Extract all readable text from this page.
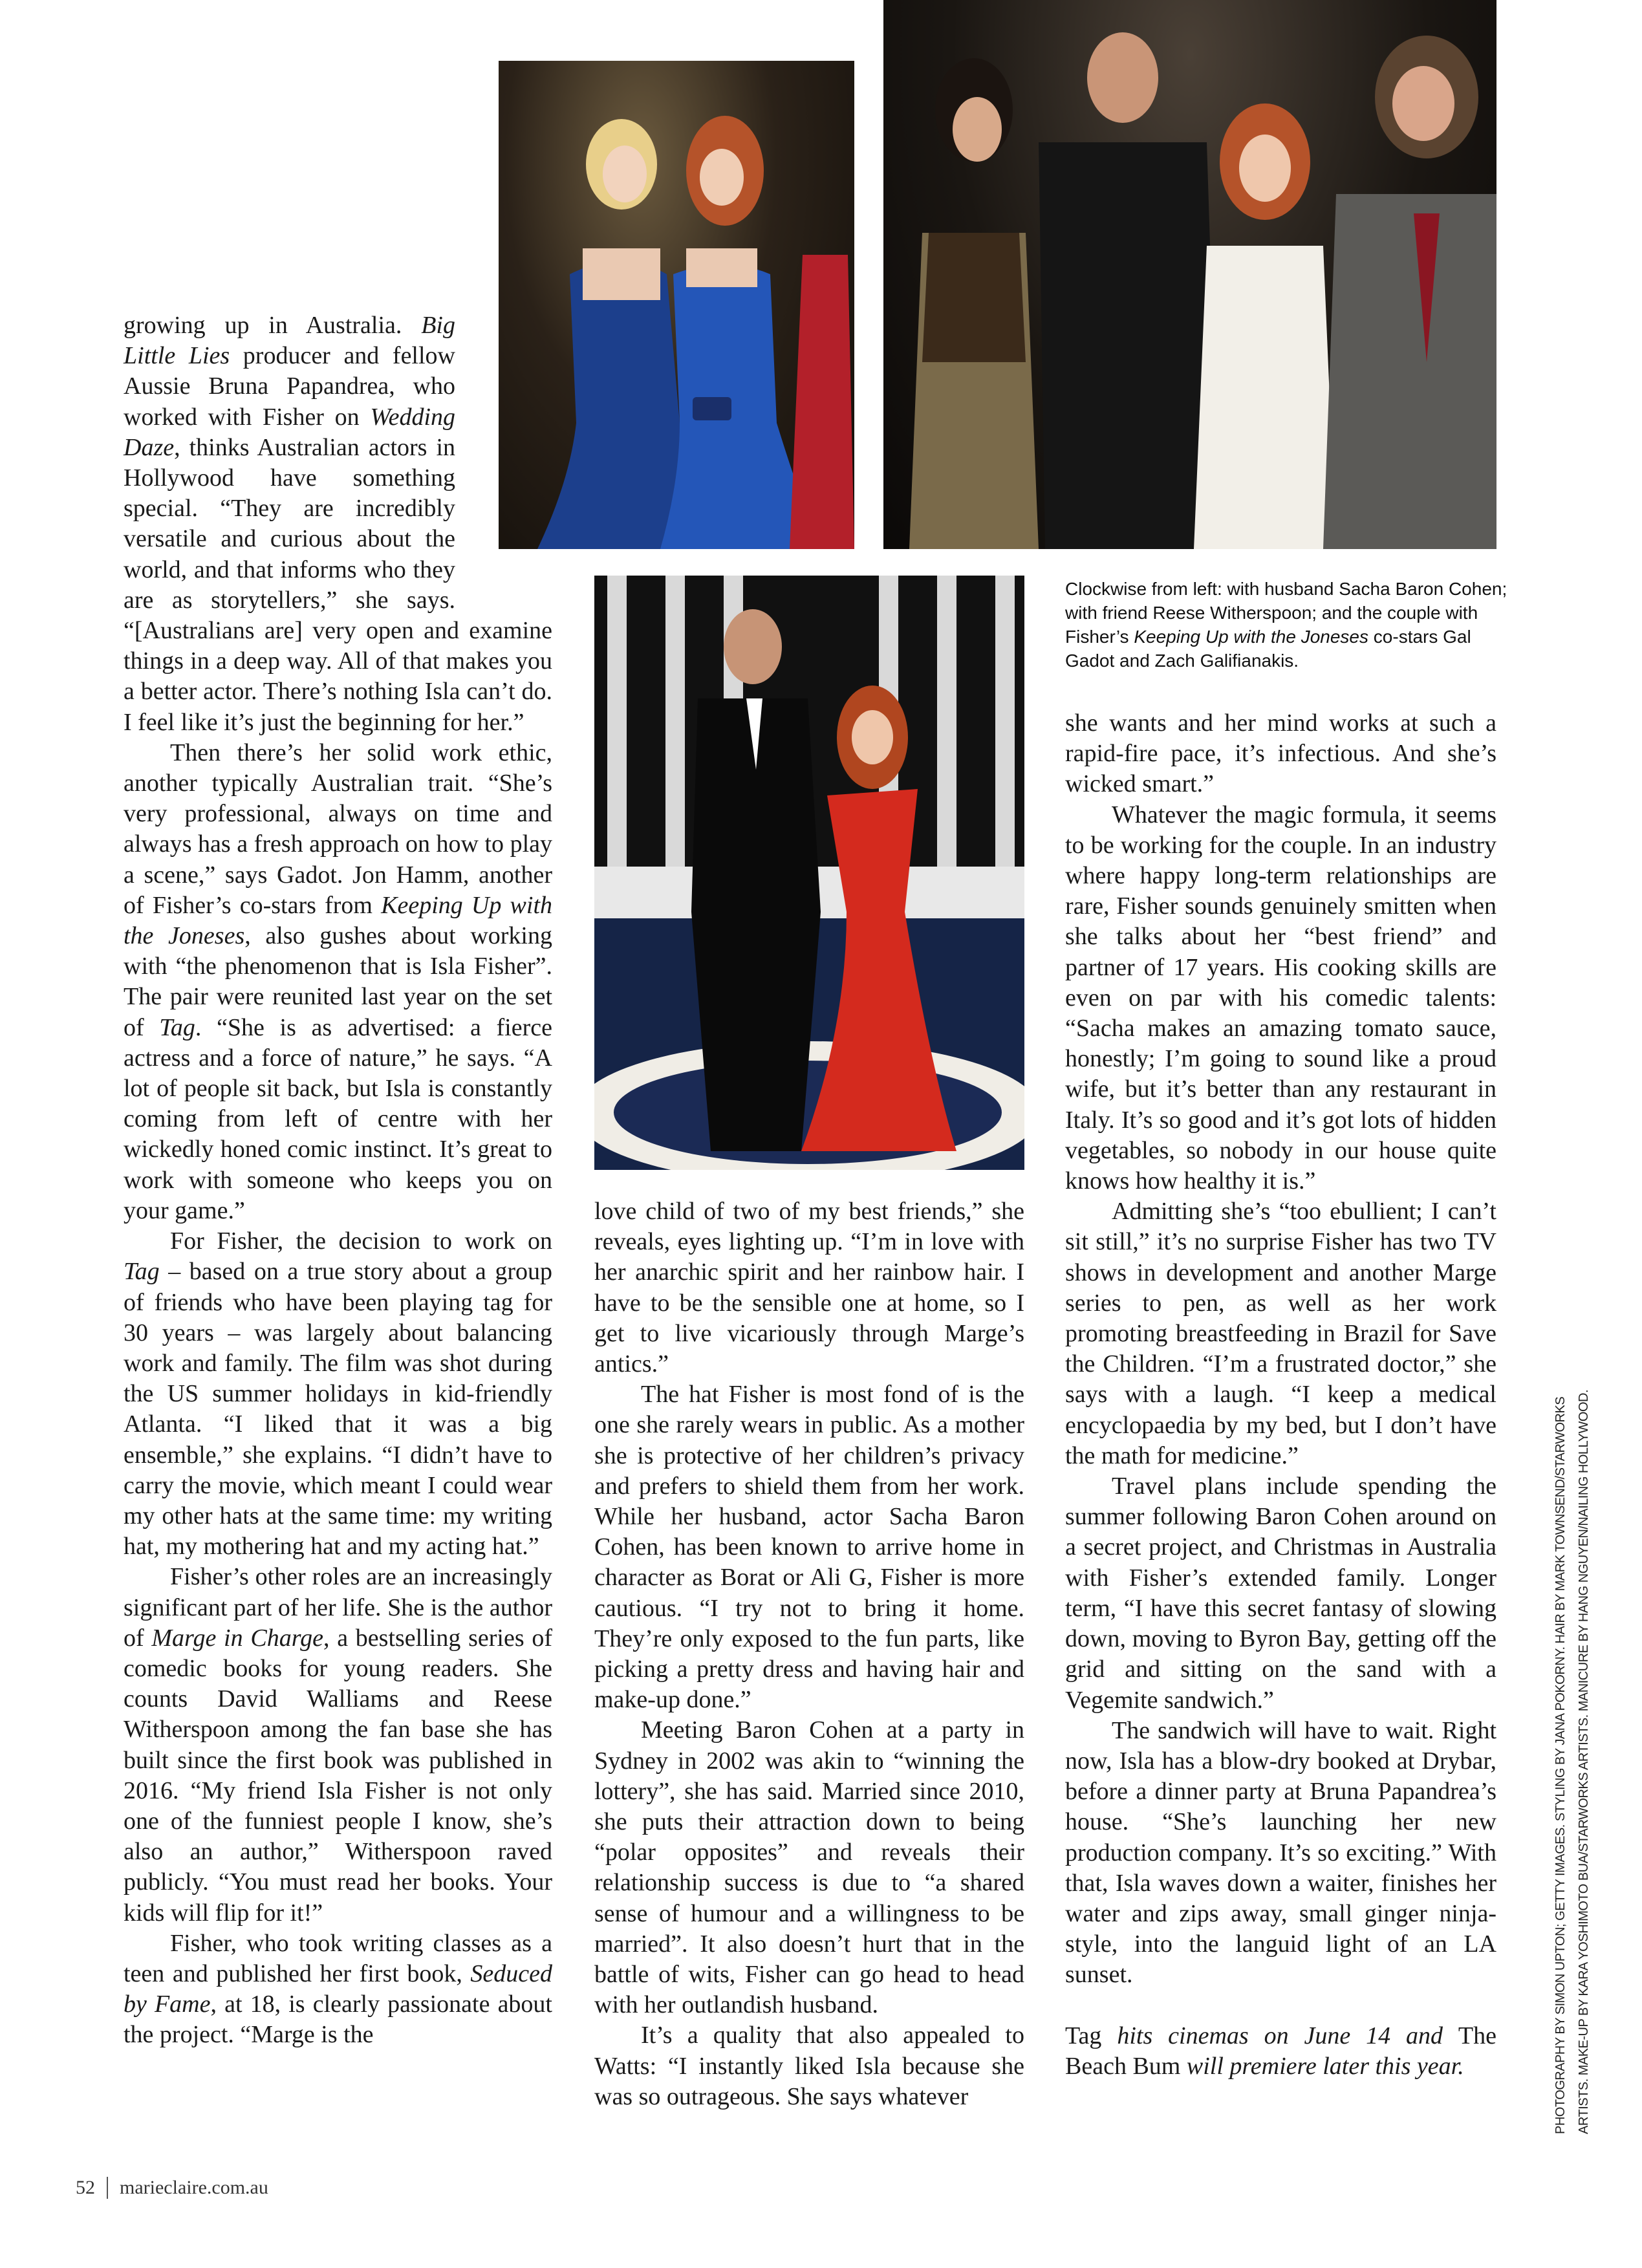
Clockwise from left: with husband Sacha Baron Cohen; with friend Reese Witherspoon; and the couple with Fisher’s Keeping Up with the Joneses co-stars Gal Gadot and Zach Galifianakis.

growing up in Australia. Big Little Lies producer and fellow Aussie Bruna Papandrea, who worked with Fisher on Wedding Daze, thinks Australian actors in Hollywood have something special. “They are incredibly versatile and curious about the world, and that informs who they are as storytellers,” she says. “[Australians are] very open and examine things in a deep way. All of that makes you a better actor. There’s nothing Isla can’t do. I feel like it’s just the beginning for her.”

Then there’s her solid work ethic, another typically Australian trait. “She’s very professional, always on time and always has a fresh approach on how to play a scene,” says Gadot. Jon Hamm, another of Fisher’s co-stars from Keeping Up with the Joneses, also gushes about working with “the phenomenon that is Isla Fisher”. The pair were reunited last year on the set of Tag. “She is as advertised: a fierce actress and a force of nature,” he says. “A lot of people sit back, but Isla is constantly coming from left of centre with her wickedly honed comic instinct. It’s great to work with someone who keeps you on your game.”

For Fisher, the decision to work on Tag – based on a true story about a group of friends who have been playing tag for 30 years – was largely about balancing work and family. The film was shot during the US summer holidays in kid-friendly Atlanta. “I liked that it was a big ensemble,” she explains. “I didn’t have to carry the movie, which meant I could wear my other hats at the same time: my writing hat, my mothering hat and my acting hat.”

Fisher’s other roles are an increasingly significant part of her life. She is the author of Marge in Charge, a bestselling series of comedic books for young readers. She counts David Walliams and Reese Witherspoon among the fan base she has built since the first book was published in 2016. “My friend Isla Fisher is not only one of the funniest people I know, she’s also an author,” Witherspoon raved publicly. “You must read her books. Your kids will flip for it!”

Fisher, who took writing classes as a teen and published her first book, Seduced by Fame, at 18, is clearly passionate about the project. “Marge is the

love child of two of my best friends,” she reveals, eyes lighting up. “I’m in love with her anarchic spirit and her rainbow hair. I have to be the sensible one at home, so I get to live vicariously through Marge’s antics.”

The hat Fisher is most fond of is the one she rarely wears in public. As a mother she is protective of her children’s privacy and prefers to shield them from her work. While her husband, actor Sacha Baron Cohen, has been known to arrive home in character as Borat or Ali G, Fisher is more cautious. “I try not to bring it home. They’re only exposed to the fun parts, like picking a pretty dress and having hair and make-up done.”

Meeting Baron Cohen at a party in Sydney in 2002 was akin to “winning the lottery”, she has said. Married since 2010, she puts their attraction down to being “polar opposites” and reveals their relationship success is due to “a shared sense of humour and a willingness to be married”. It also doesn’t hurt that in the battle of wits, Fisher can go head to head with her outlandish husband.

It’s a quality that also appealed to Watts: “I instantly liked Isla because she was so outrageous. She says whatever

she wants and her mind works at such a rapid-fire pace, it’s infectious. And she’s wicked smart.”

Whatever the magic formula, it seems to be working for the couple. In an industry where happy long-term relationships are rare, Fisher sounds genuinely smitten when she talks about her “best friend” and partner of 17 years. His cooking skills are even on par with his comedic talents: “Sacha makes an amazing tomato sauce, honestly; I’m going to sound like a proud wife, but it’s better than any restaurant in Italy. It’s so good and it’s got lots of hidden vegetables, so nobody in our house quite knows how healthy it is.”

Admitting she’s “too ebullient; I can’t sit still,” it’s no surprise Fisher has two TV shows in development and another Marge series to pen, as well as her work promoting breastfeeding in Brazil for Save the Children. “I’m a frustrated doctor,” she says with a laugh. “I keep a medical encyclopaedia by my bed, but I don’t have the math for medicine.”

Travel plans include spending the summer following Baron Cohen around on a secret project, and Christmas in Australia with Fisher’s extended family. Longer term, “I have this secret fantasy of slowing down, moving to Byron Bay, getting off the grid and sitting on the sand with a Vegemite sandwich.”

The sandwich will have to wait. Right now, Isla has a blow-dry booked at Drybar, before a dinner party at Bruna Papandrea’s house. “She’s launching her new production company. It’s so exciting.” With that, Isla waves down a waiter, finishes her water and zips away, small ginger ninja-style, into the languid light of an LA sunset.

Tag hits cinemas on June 14 and The Beach Bum will premiere later this year.	PHOTOGRAPHY BY SIMON UPTON; GETTY IMAGES. STYLING BY JANA POKORNY. HAIR BY MARK TOWNSEND/STARWORKS ARTISTS. MAKE-UP BY KARA YOSHIMOTO BUA/STARWORKS ARTISTS. MANICURE BY HANG NGUYEN/NAILING HOLLYWOOD.
52 marieclaire.com.au
